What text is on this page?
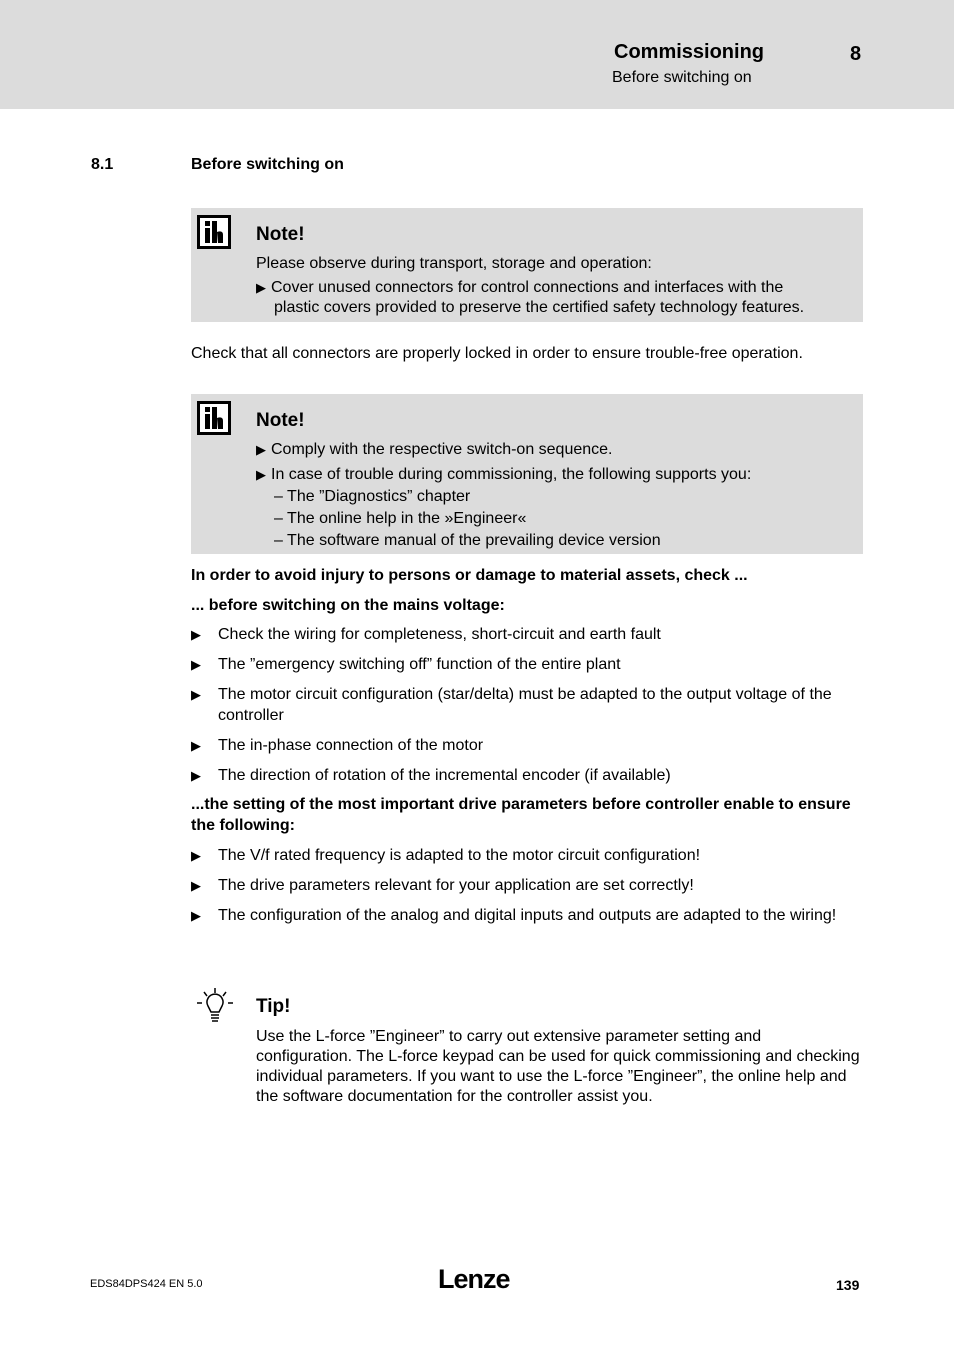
Commissioning
Before switching on
8
8.1	Before switching on
Note!
Please observe during transport, storage and operation:
▶ Cover unused connectors for control connections and interfaces with the
plastic covers provided to preserve the certified safety technology features.
Check that all connectors are properly locked in order to ensure trouble-free operation.
Note!
▶ Comply with the respective switch-on sequence.
▶ In case of trouble during commissioning, the following supports you:
– The ”Diagnostics” chapter
– The online help in the »Engineer«
– The software manual of the prevailing device version
In order to avoid injury to persons or damage to material assets, check ...
... before switching on the mains voltage:
▶ Check the wiring for completeness, short-circuit and earth fault
▶ The ”emergency switching off” function of the entire plant
▶ The motor circuit configuration (star/delta) must be adapted to the output voltage of the controller
▶ The in-phase connection of the motor
▶ The direction of rotation of the incremental encoder (if available)
...the setting of the most important drive parameters before controller enable to ensure the following:
▶ The V/f rated frequency is adapted to the motor circuit configuration!
▶ The drive parameters relevant for your application are set correctly!
▶ The configuration of the analog and digital inputs and outputs are adapted to the wiring!
Tip!
Use the L-force ”Engineer” to carry out extensive parameter setting and configuration. The L-force keypad can be used for quick commissioning and checking individual parameters. If you want to use the L-force ”Engineer”, the online help and the software documentation for the controller assist you.
EDS84DPS424 EN 5.0	Lenze	139
